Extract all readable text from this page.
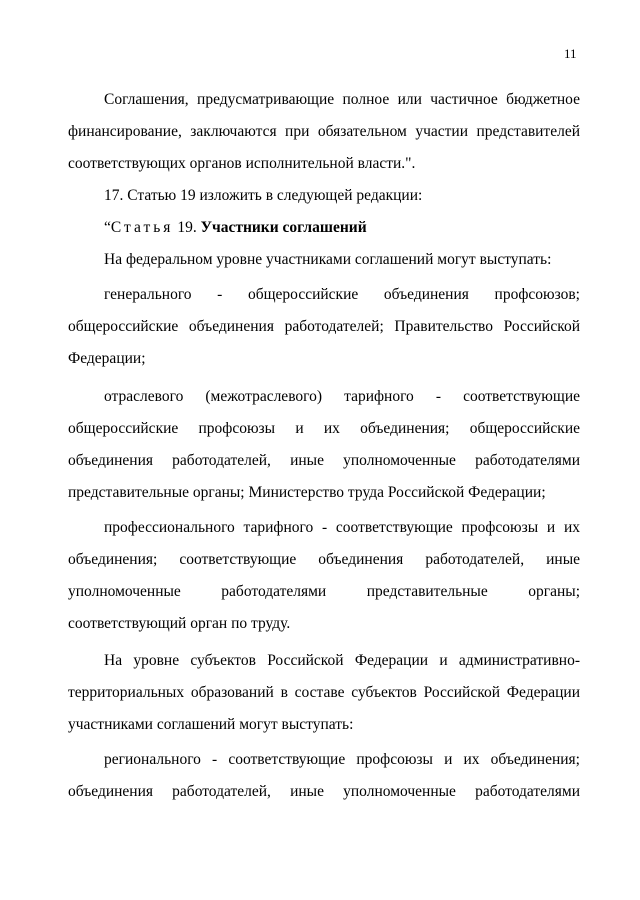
11
Соглашения, предусматривающие полное или частичное бюджетное
финансирование, заключаются при обязательном участии представителей
соответствующих органов исполнительной власти.".
17. Статью 19 изложить в следующей редакции:
“Статья 19. Участники соглашений
На федеральном уровне участниками соглашений могут выступать:
генерального - общероссийские объединения профсоюзов;
общероссийские объединения работодателей; Правительство Российской
Федерации;
отраслевого (межотраслевого) тарифного - соответствующие
общероссийские профсоюзы и их объединения; общероссийские
объединения работодателей, иные уполномоченные работодателями
представительные органы; Министерство труда Российской Федерации;
профессионального тарифного - соответствующие профсоюзы и их
объединения; соответствующие объединения работодателей, иные
уполномоченные работодателями представительные органы;
соответствующий орган по труду.
На уровне субъектов Российской Федерации и административно-
территориальных образований в составе субъектов Российской Федерации
участниками соглашений могут выступать:
регионального - соответствующие профсоюзы и их объединения;
объединения работодателей, иные уполномоченные работодателями
